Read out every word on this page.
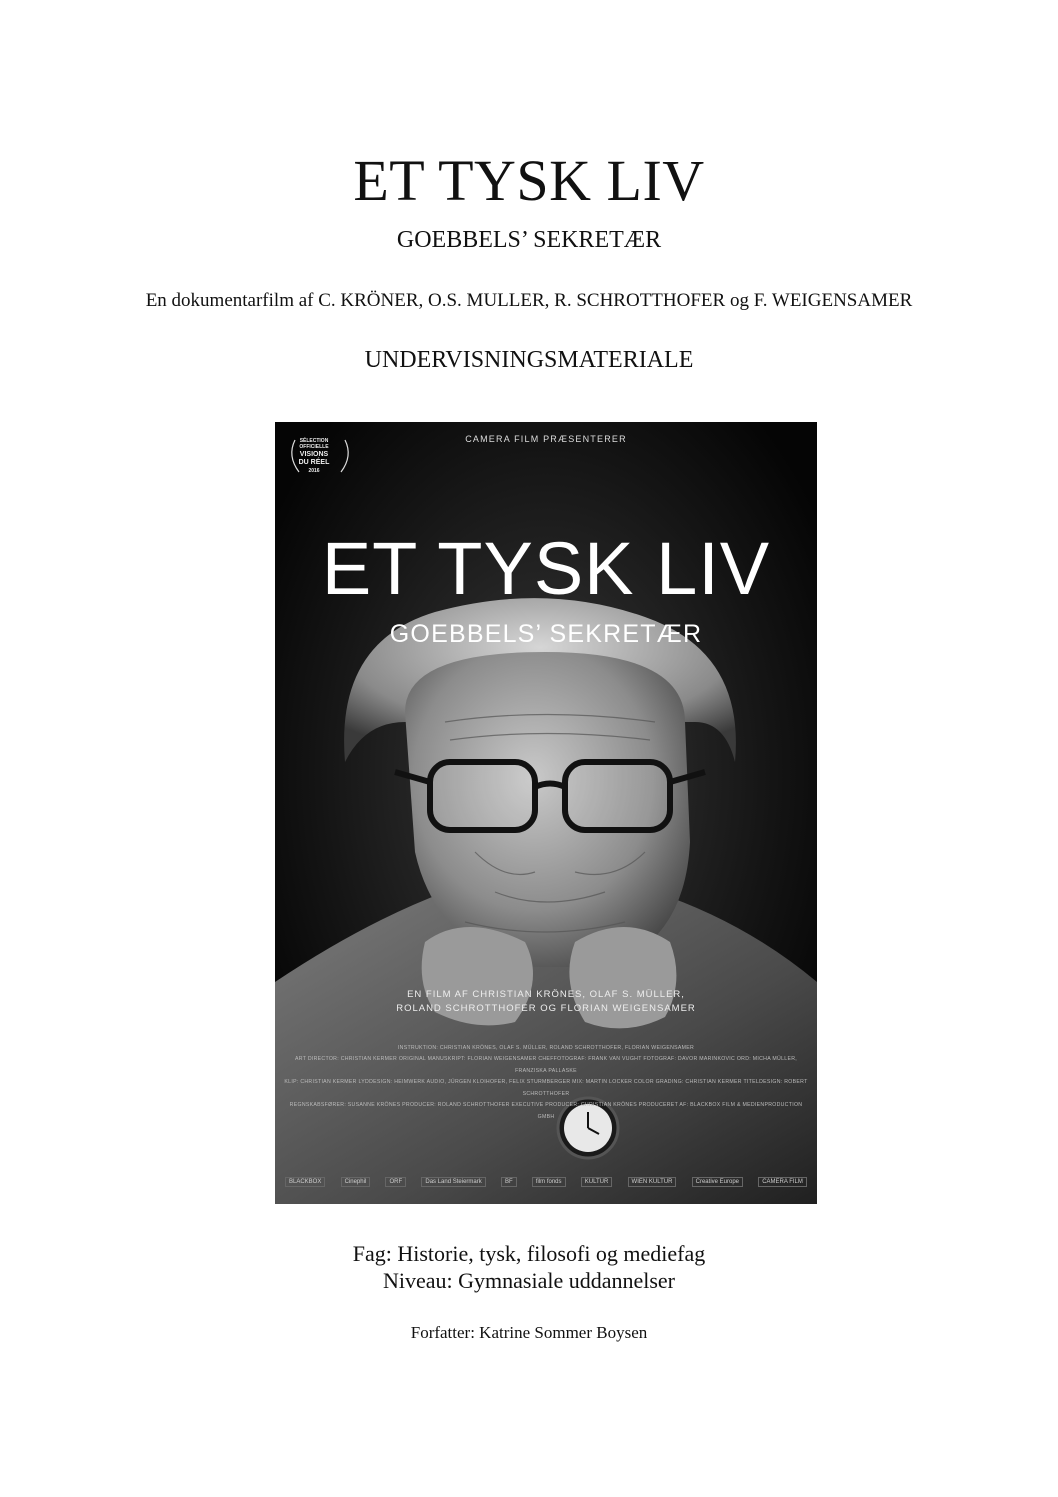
ET TYSK LIV
GOEBBELS’ SEKRETÆR
En dokumentarfilm af C. KRÖNER, O.S. MULLER, R. SCHROTTHOFER og F. WEIGENSAMER
UNDERVISNINGSMATERIALE
CAMERA FILM PRÆSENTERER
SÉLECTION OFFICIELLE
VISIONS
DU RÉEL
2016
ET TYSK LIV
GOEBBELS’ SEKRETÆR
EN FILM AF CHRISTIAN KRÖNES, OLAF S. MÜLLER,
ROLAND SCHROTTHOFER OG FLORIAN WEIGENSAMER
INSTRUKTION: CHRISTIAN KRÖNES, OLAF S. MÜLLER, ROLAND SCHROTTHOFER, FLORIAN WEIGENSAMER
ART DIRECTOR: CHRISTIAN KERMER ORIGINAL MANUSKRIPT: FLORIAN WEIGENSAMER CHEFFOTOGRAF: FRANK VAN VUGHT FOTOGRAF: DAVOR MARINKOVIC ORD: MICHA MÜLLER, FRANZISKA PALLASKE
KLIP: CHRISTIAN KERMER LYDDESIGN: HEIMWERK AUDIO, JÜRGEN KLOIHOFER, FELIX STURMBERGER MIX: MARTIN LOCKER COLOR GRADING: CHRISTIAN KERMER TITELDESIGN: ROBERT SCHROTTHOFER
REGNSKABSFØRER: SUSANNE KRÖNES PRODUCER: ROLAND SCHROTTHOFER EXECUTIVE PRODUCER: CHRISTIAN KRÖNES PRODUCERET AF: BLACKBOX FILM & MEDIENPRODUCTION GMBH
BLACKBOX	Cinephil	ORF	Das Land Steiermark	BF	film fonds	KULTUR	WIEN KULTUR	Creative Europe	CAMERA FILM
Fag: Historie, tysk, filosofi og mediefag
Niveau: Gymnasiale uddannelser
Forfatter: Katrine Sommer Boysen
